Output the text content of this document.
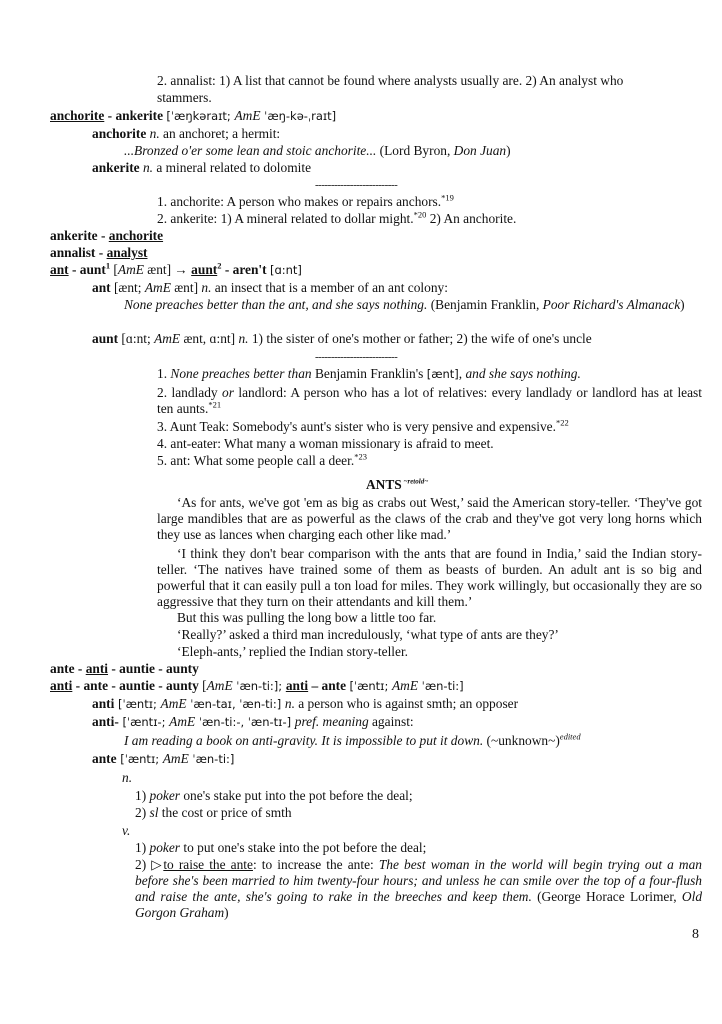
2. annalist: 1) A list that cannot be found where analysts usually are. 2) An analyst who
stammers.
anchorite - ankerite [ˈæŋkəraɪt; AmE ˈæŋ-kə-ˌraɪt]
anchorite n. an anchoret; a hermit:
...Bronzed o'er some lean and stoic anchorite... (Lord Byron, Don Juan)
ankerite n. a mineral related to dolomite
--------------------------
1. anchorite: A person who makes or repairs anchors.$^{*19}$
2. ankerite: 1) A mineral related to dollar might.$^{*20}$ 2) An anchorite.
ankerite - anchorite
annalist - analyst
ant - aunt$^1$ [AmE ænt] → aunt$^2$ - aren't [ɑ:nt]
ant [ænt; AmE ænt] n. an insect that is a member of an ant colony:
None preaches better than the ant, and she says nothing. (Benjamin Franklin, Poor Richard's Almanack)
aunt [ɑ:nt; AmE ænt, ɑ:nt] n. 1) the sister of one's mother or father; 2) the wife of one's uncle
--------------------------
1. None preaches better than Benjamin Franklin's [ænt], and she says nothing.
2. landlady or landlord: A person who has a lot of relatives: every landlady or landlord has at least ten aunts.$^{*21}$
3. Aunt Teak: Somebody's aunt's sister who is very pensive and expensive.$^{*22}$
4. ant-eater: What many a woman missionary is afraid to meet.
5. ant: What some people call a deer.$^{*23}$
ANTS $^{\sim retold\sim}$
‘As for ants, we've got 'em as big as crabs out West,’ said the American story-teller. ‘They've got large mandibles that are as powerful as the claws of the crab and they've got very long horns which they use as lances when charging each other like mad.’
‘I think they don't bear comparison with the ants that are found in India,’ said the Indian story-teller. ‘The natives have trained some of them as beasts of burden. An adult ant is so big and powerful that it can easily pull a ton load for miles. They work willingly, but occasionally they are so aggressive that they turn on their attendants and kill them.’
But this was pulling the long bow a little too far.
‘Really?’ asked a third man incredulously, ‘what type of ants are they?’
‘Eleph-ants,’ replied the Indian story-teller.
ante - anti - auntie - aunty
anti - ante - auntie - aunty [AmE ˈæn-ti:]; anti – ante [ˈæntɪ; AmE ˈæn-ti:]
anti [ˈæntɪ; AmE ˈæn-taɪ, ˈæn-ti:] n. a person who is against smth; an opposer
anti- [ˈæntɪ-; AmE ˈæn-ti:-, ˈæn-tɪ-] pref. meaning against:
I am reading a book on anti-gravity. It is impossible to put it down. (~unknown~)$^{edited}$
ante [ˈæntɪ; AmE ˈæn-ti:]
n.
1) poker one's stake put into the pot before the deal;
2) sl the cost or price of smth
v.
1) poker to put one's stake into the pot before the deal;
2) ▷to raise the ante: to increase the ante: The best woman in the world will begin trying out a man before she's been married to him twenty-four hours; and unless he can smile over the top of a four-flush and raise the ante, she's going to rake in the breeches and keep them. (George Horace Lorimer, Old Gorgon Graham)
8
